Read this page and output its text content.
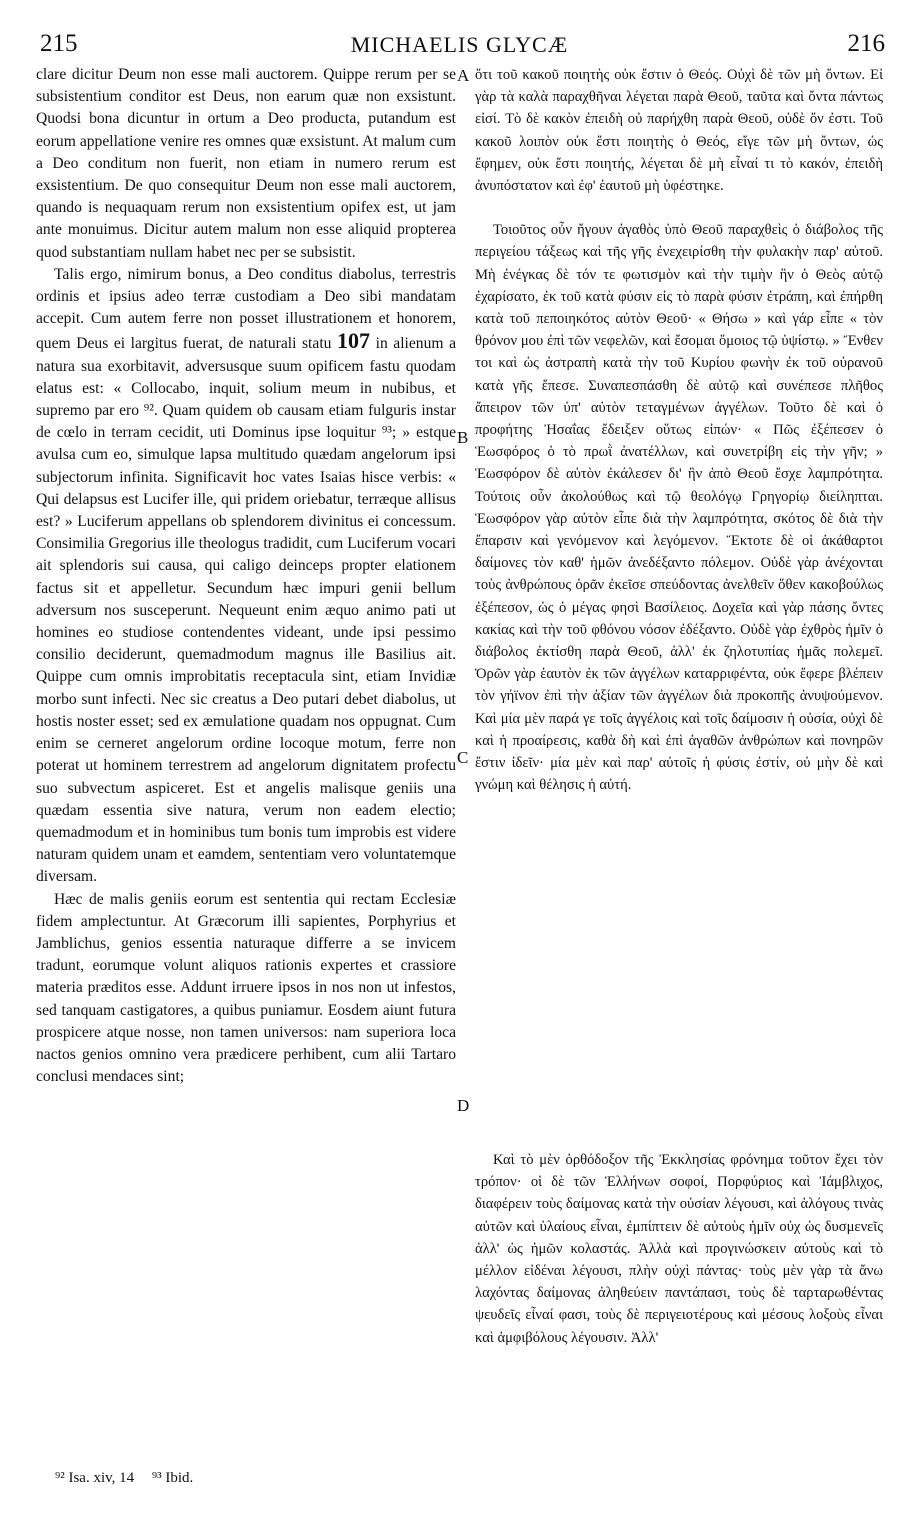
215	MICHAELIS GLYCÆ	216

clare dicitur Deum non esse mali auctorem. Quippe rerum per se subsistentium conditor est Deus, non earum quæ non exsistunt. Quodsi bona dicuntur in ortum a Deo producta, putandum est eorum appellatione venire res omnes quæ exsistunt. At malum cum a Deo conditum non fuerit, non etiam in numero rerum est exsistentium. De quo consequitur Deum non esse mali auctorem, quando is nequaquam rerum non exsistentium opifex est, ut jam ante monuimus. Dicitur autem malum non esse aliquid propterea quod substantiam nullam habet nec per se subsistit.

Talis ergo, nimirum bonus, a Deo conditus diabolus, terrestris ordinis et ipsius adeo terræ custodiam a Deo sibi mandatam accepit. Cum autem ferre non posset illustrationem et honorem, quem Deus ei largitus fuerat, de naturali statu 107 in alienum a natura sua exorbitavit, adversusque suum opificem fastu quodam elatus est: « Collocabo, inquit, solium meum in nubibus, et supremo par ero ⁹². Quam quidem ob causam etiam fulguris instar de cœlo in terram cecidit, uti Dominus ipse loquitur ⁹³; » estque avulsa cum eo, simulque lapsa multitudo quædam angelorum ipsi subjectorum infinita. Significavit hoc vates Isaias hisce verbis: « Qui delapsus est Lucifer ille, qui pridem oriebatur, terræque allisus est? » Luciferum appellans ob splendorem divinitus ei concessum. Consimilia Gregorius ille theologus tradidit, cum Luciferum vocari ait splendoris sui causa, qui caligo deinceps propter elationem factus sit et appelletur. Secundum hæc impuri genii bellum adversum nos susceperunt. Nequeunt enim æquo animo pati ut homines eo studiose contendentes videant, unde ipsi pessimo consilio deciderunt, quemadmodum magnus ille Basilius ait. Quippe cum omnis improbitatis receptacula sint, etiam Invidiæ morbo sunt infecti. Nec sic creatus a Deo putari debet diabolus, ut hostis noster esset; sed ex æmulatione quadam nos oppugnat. Cum enim se cerneret angelorum ordine locoque motum, ferre non poterat ut hominem terrestrem ad angelorum dignitatem profectu suo subvectum aspiceret. Est et angelis malisque geniis una quædam essentia sive natura, verum non eadem electio; quemadmodum et in hominibus tum bonis tum improbis est videre naturam quidem unam et eamdem, sententiam vero voluntatemque diversam.

Hæc de malis geniis eorum est sententia qui rectam Ecclesiæ fidem amplectuntur. At Græcorum illi sapientes, Porphyrius et Jamblichus, genios essentia naturaque differre a se invicem tradunt, eorumque volunt aliquos rationis expertes et crassiore materia præditos esse. Addunt irruere ipsos in nos non ut infestos, sed tanquam castigatores, a quibus puniamur. Eosdem aiunt futura prospicere atque nosse, non tamen universos: nam superiora loca nactos genios omnino vera prædicere perhibent, cum alii Tartaro conclusi mendaces sint;

ὅτι τοῦ κακοῦ ποιητὴς οὐκ ἔστιν ὁ Θεός. Οὐχὶ δὲ τῶν μὴ ὄντων. Εἰ γὰρ τὰ καλὰ παραχθῆναι λέγεται παρὰ Θεοῦ, ταῦτα καὶ ὄντα πάντως εἰσί. Τὸ δὲ κακὸν ἐπειδὴ οὐ παρήχθη παρὰ Θεοῦ, οὐδὲ ὄν ἐστι. Τοῦ κακοῦ λοιπὸν οὐκ ἔστι ποιητὴς ὁ Θεός, εἴγε τῶν μὴ ὄντων, ὡς ἔφημεν, οὐκ ἔστι ποιητής, λέγεται δὲ μὴ εἶναί τι τὸ κακόν, ἐπειδὴ ἀνυπόστατον καὶ ἐφ' ἑαυτοῦ μὴ ὑφέστηκε.

Τοιοῦτος οὖν ἤγουν ἀγαθὸς ὑπὸ Θεοῦ παραχθεὶς ὁ διάβολος τῆς περιγείου τάξεως καὶ τῆς γῆς ἐνεχειρίσθη τὴν φυλακὴν παρ' αὐτοῦ. Μὴ ἐνέγκας δὲ τόν τε φωτισμὸν καὶ τὴν τιμὴν ἣν ὁ Θεὸς αὐτῷ ἐχαρίσατο, ἐκ τοῦ κατὰ φύσιν εἰς τὸ παρὰ φύσιν ἐτράπη, καὶ ἐπήρθη κατὰ τοῦ πεποιηκότος αὐτὸν Θεοῦ· « Θήσω » καὶ γάρ εἶπε « τὸν θρόνον μου ἐπὶ τῶν νεφελῶν, καὶ ἔσομαι ὅμοιος τῷ ὑψίστῳ. » Ἔνθεν τοι καὶ ὡς ἀστραπὴ κατὰ τὴν τοῦ Κυρίου φωνὴν ἐκ τοῦ οὐρανοῦ κατὰ γῆς ἔπεσε. Συναπεσπάσθη δὲ αὐτῷ καὶ συνέπεσε πλῆθος ἄπειρον τῶν ὑπ' αὐτὸν τεταγμένων ἀγγέλων. Τοῦτο δὲ καὶ ὁ προφήτης Ἠσαΐας ἔδειξεν οὕτως εἰπών· « Πῶς ἐξέπεσεν ὁ Ἑωσφόρος ὁ τὸ πρωῒ ἀνατέλλων, καὶ συνετρίβη εἰς τὴν γῆν; » Ἑωσφόρον δὲ αὐτὸν ἐκάλεσεν δι' ἣν ἀπὸ Θεοῦ ἔσχε λαμπρότητα. Τούτοις οὖν ἀκολούθως καὶ τῷ θεολόγῳ Γρηγορίῳ διείληπται. Ἑωσφόρον γὰρ αὐτὸν εἶπε διὰ τὴν λαμπρότητα, σκότος δὲ διὰ τὴν ἔπαρσιν καὶ γενόμενον καὶ λεγόμενον. Ἔκτοτε δὲ οἱ ἀκάθαρτοι δαίμονες τὸν καθ' ἡμῶν ἀνεδέξαντο πόλεμον. Οὐδὲ γὰρ ἀνέχονται τοὺς ἀνθρώπους ὁρᾶν ἐκεῖσε σπεύδοντας ἀνελθεῖν ὅθεν κακοβούλως ἐξέπεσον, ὡς ὁ μέγας φησὶ Βασίλειος. Δοχεῖα καὶ γὰρ πάσης ὄντες κακίας καὶ τὴν τοῦ φθόνου νόσον ἐδέξαντο. Οὐδὲ γὰρ ἐχθρὸς ἡμῖν ὁ διάβολος ἐκτίσθη παρὰ Θεοῦ, ἀλλ' ἐκ ζηλοτυπίας ἡμᾶς πολεμεῖ. Ὁρῶν γὰρ ἑαυτὸν ἐκ τῶν ἀγγέλων καταρριφέντα, οὐκ ἔφερε βλέπειν τὸν γήϊνον ἐπὶ τὴν ἀξίαν τῶν ἀγγέλων διὰ προκοπῆς ἀνυψούμενον. Καὶ μία μὲν παρά γε τοῖς ἀγγέλοις καὶ τοῖς δαίμοσιν ἡ οὐσία, οὐχὶ δὲ καὶ ἡ προαίρεσις, καθὰ δὴ καὶ ἐπὶ ἀγαθῶν ἀνθρώπων καὶ πονηρῶν ἔστιν ἰδεῖν· μία μὲν καὶ παρ' αὐτοῖς ἡ φύσις ἐστίν, οὐ μὴν δὲ καὶ γνώμη καὶ θέλησις ἡ αὐτή.

Καὶ τὸ μὲν ὀρθόδοξον τῆς Ἐκκλησίας φρόνημα τοῦτον ἔχει τὸν τρόπον· οἱ δὲ τῶν Ἑλλήνων σοφοί, Πορφύριος καὶ Ἰάμβλιχος, διαφέρειν τοὺς δαίμονας κατὰ τὴν οὐσίαν λέγουσι, καὶ ἀλόγους τινὰς αὐτῶν καὶ ὑλαίους εἶναι, ἐμπίπτειν δὲ αὐτοὺς ἡμῖν οὐχ ὡς δυσμενεῖς ἀλλ' ὡς ἡμῶν κολαστάς. Ἀλλὰ καὶ προγινώσκειν αὐτοὺς καὶ τὸ μέλλον εἰδέναι λέγουσι, πλὴν οὐχὶ πάντας· τοὺς μὲν γὰρ τὰ ἄνω λαχόντας δαίμονας ἀληθεύειν παντάπασι, τοὺς δὲ ταρταρωθέντας ψευδεῖς εἶναί φασι, τοὺς δὲ περιγειοτέρους καὶ μέσους λοξοὺς εἶναι καὶ ἀμφιβόλους λέγουσιν. Ἀλλ'

A
B
C
D
⁹² Isa. xiv, 14 ⁹³ Ibid.
